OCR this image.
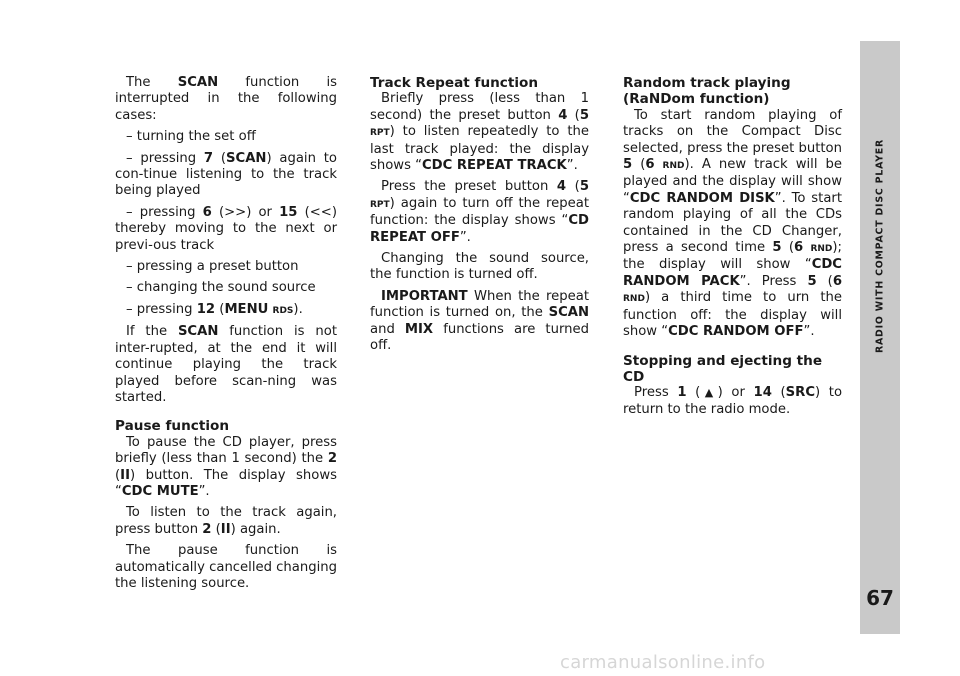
The SCAN function is interrupted in the following cases:

– turning the set off

– pressing 7 (SCAN) again to con-tinue listening to the track being played

– pressing 6 (>>) or 15 (<<) thereby moving to the next or previ-ous track

– pressing a preset button

– changing the sound source

– pressing 12 (MENU RDS).

If the SCAN function is not inter-rupted, at the end it will continue playing the track played before scan-ning was started.

Pause function

To pause the CD player, press briefly (less than 1 second) the 2 (II) button. The display shows “CDC MUTE”.

To listen to the track again, press button 2 (II) again.

The pause function is automatically cancelled changing the listening source.

Track Repeat function

Briefly press (less than 1 second) the preset button 4 (5 RPT) to listen repeatedly to the last track played: the display shows “CDC REPEAT TRACK”.

Press the preset button 4 (5 RPT) again to turn off the repeat function: the display shows “CD REPEAT OFF”.

Changing the sound source, the function is turned off.

IMPORTANT When the repeat function is turned on, the SCAN and MIX functions are turned off.

Random track playing (RaNDom function)

To start random playing of tracks on the Compact Disc selected, press the preset button 5 (6 RND). A new track will be played and the display will show “CDC RANDOM DISK”. To start random playing of all the CDs contained in the CD Changer, press a second time 5 (6 RND); the display will show “CDC RANDOM PACK”. Press 5 (6 RND) a third time to urn the function off: the display will show “CDC RANDOM OFF”.

Stopping and ejecting the CD

Press 1 (▲) or 14 (SRC) to return to the radio mode.

RADIO WITH COMPACT DISC PLAYER
67
carmanualsonline.info
